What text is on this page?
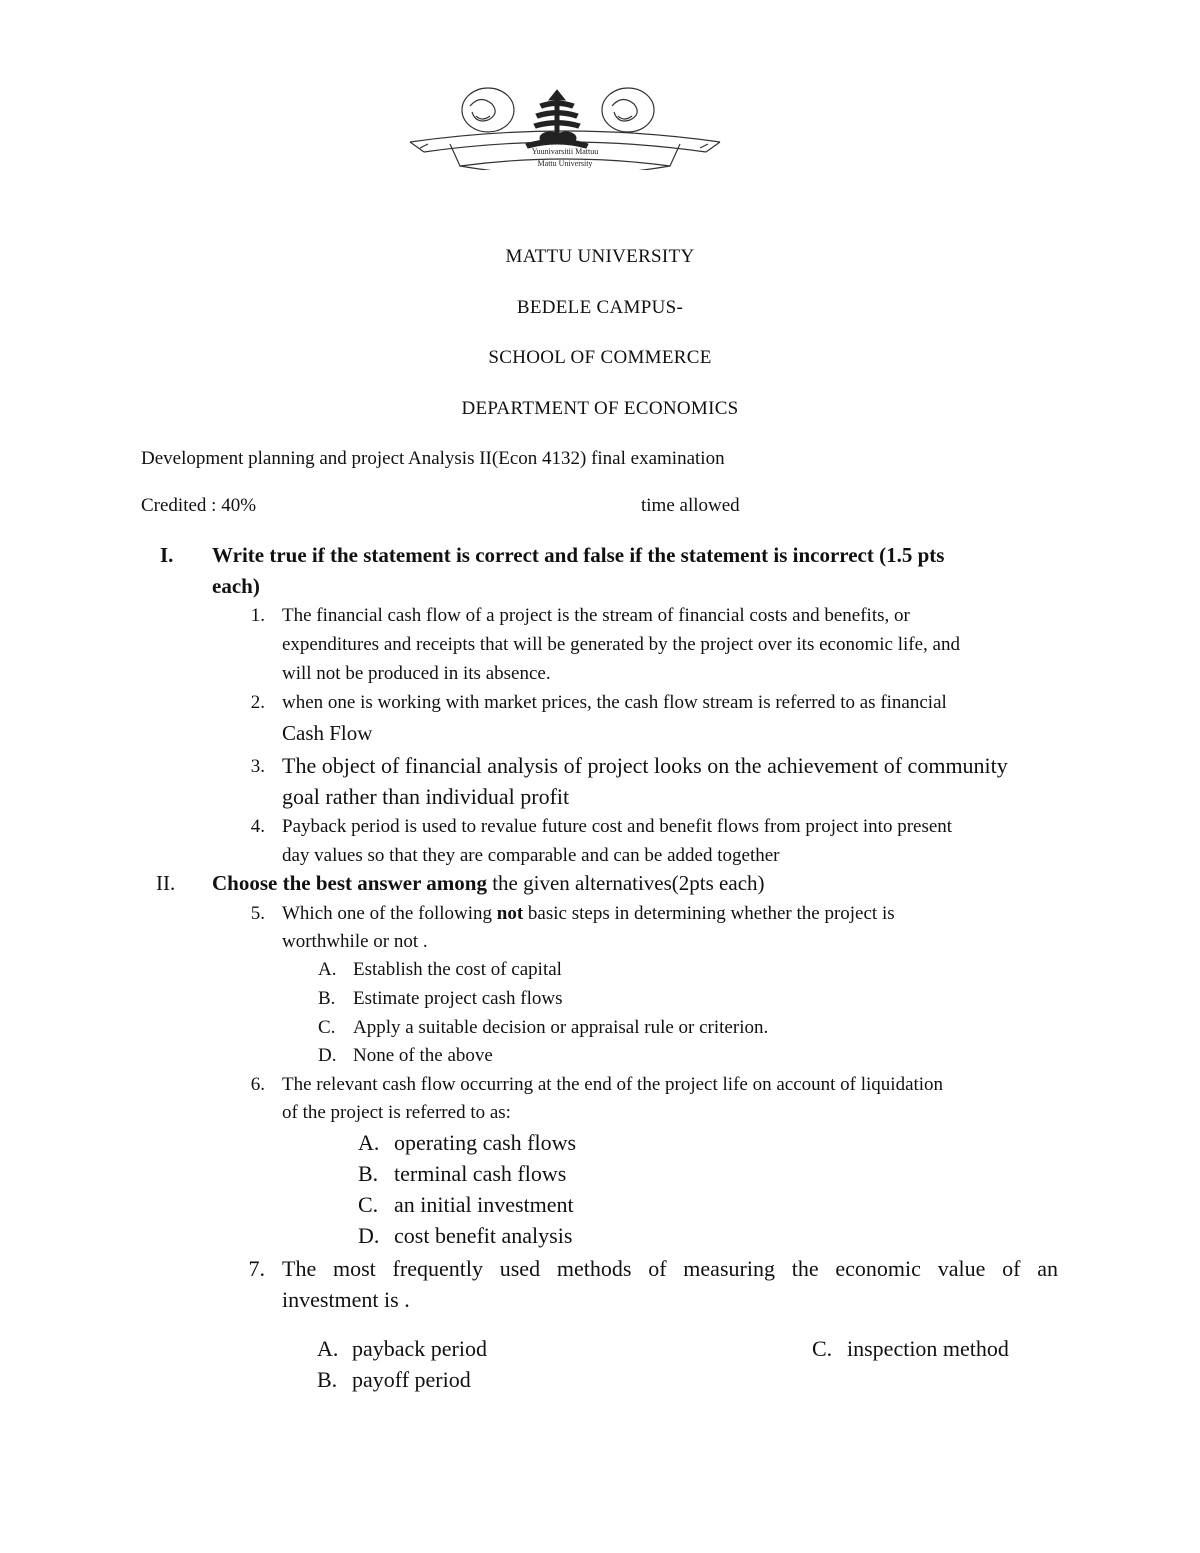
Yuunivarsitii Mattuu
Mattu University
MATTU UNIVERSITY
BEDELE CAMPUS-
SCHOOL OF COMMERCE
DEPARTMENT OF ECONOMICS
Development planning and project Analysis II(Econ 4132) final examination
Credited : 40%	time allowed
I. Write true if the statement is correct and false if the statement is incorrect (1.5 pts
each)
1. The financial cash flow of a project is the stream of financial costs and benefits, or
expenditures and receipts that will be generated by the project over its economic life, and
will not be produced in its absence.
2. when one is working with market prices, the cash flow stream is referred to as financial
Cash Flow
3. The object of financial analysis of project looks on the achievement of community
goal rather than individual profit
4. Payback period is used to revalue future cost and benefit flows from project into present
day values so that they are comparable and can be added together
II. Choose the best answer among the given alternatives(2pts each)
5. Which one of the following not basic steps in determining whether the project is
worthwhile or not .
A. Establish the cost of capital
B. Estimate project cash flows
C. Apply a suitable decision or appraisal rule or criterion.
D. None of the above
6. The relevant cash flow occurring at the end of the project life on account of liquidation
of the project is referred to as:
A. operating cash flows
B. terminal cash flows
C. an initial investment
D. cost benefit analysis
7. The most frequently used methods of measuring the economic value of an
investment is .
A. payback period
B. payoff period
C. inspection method
